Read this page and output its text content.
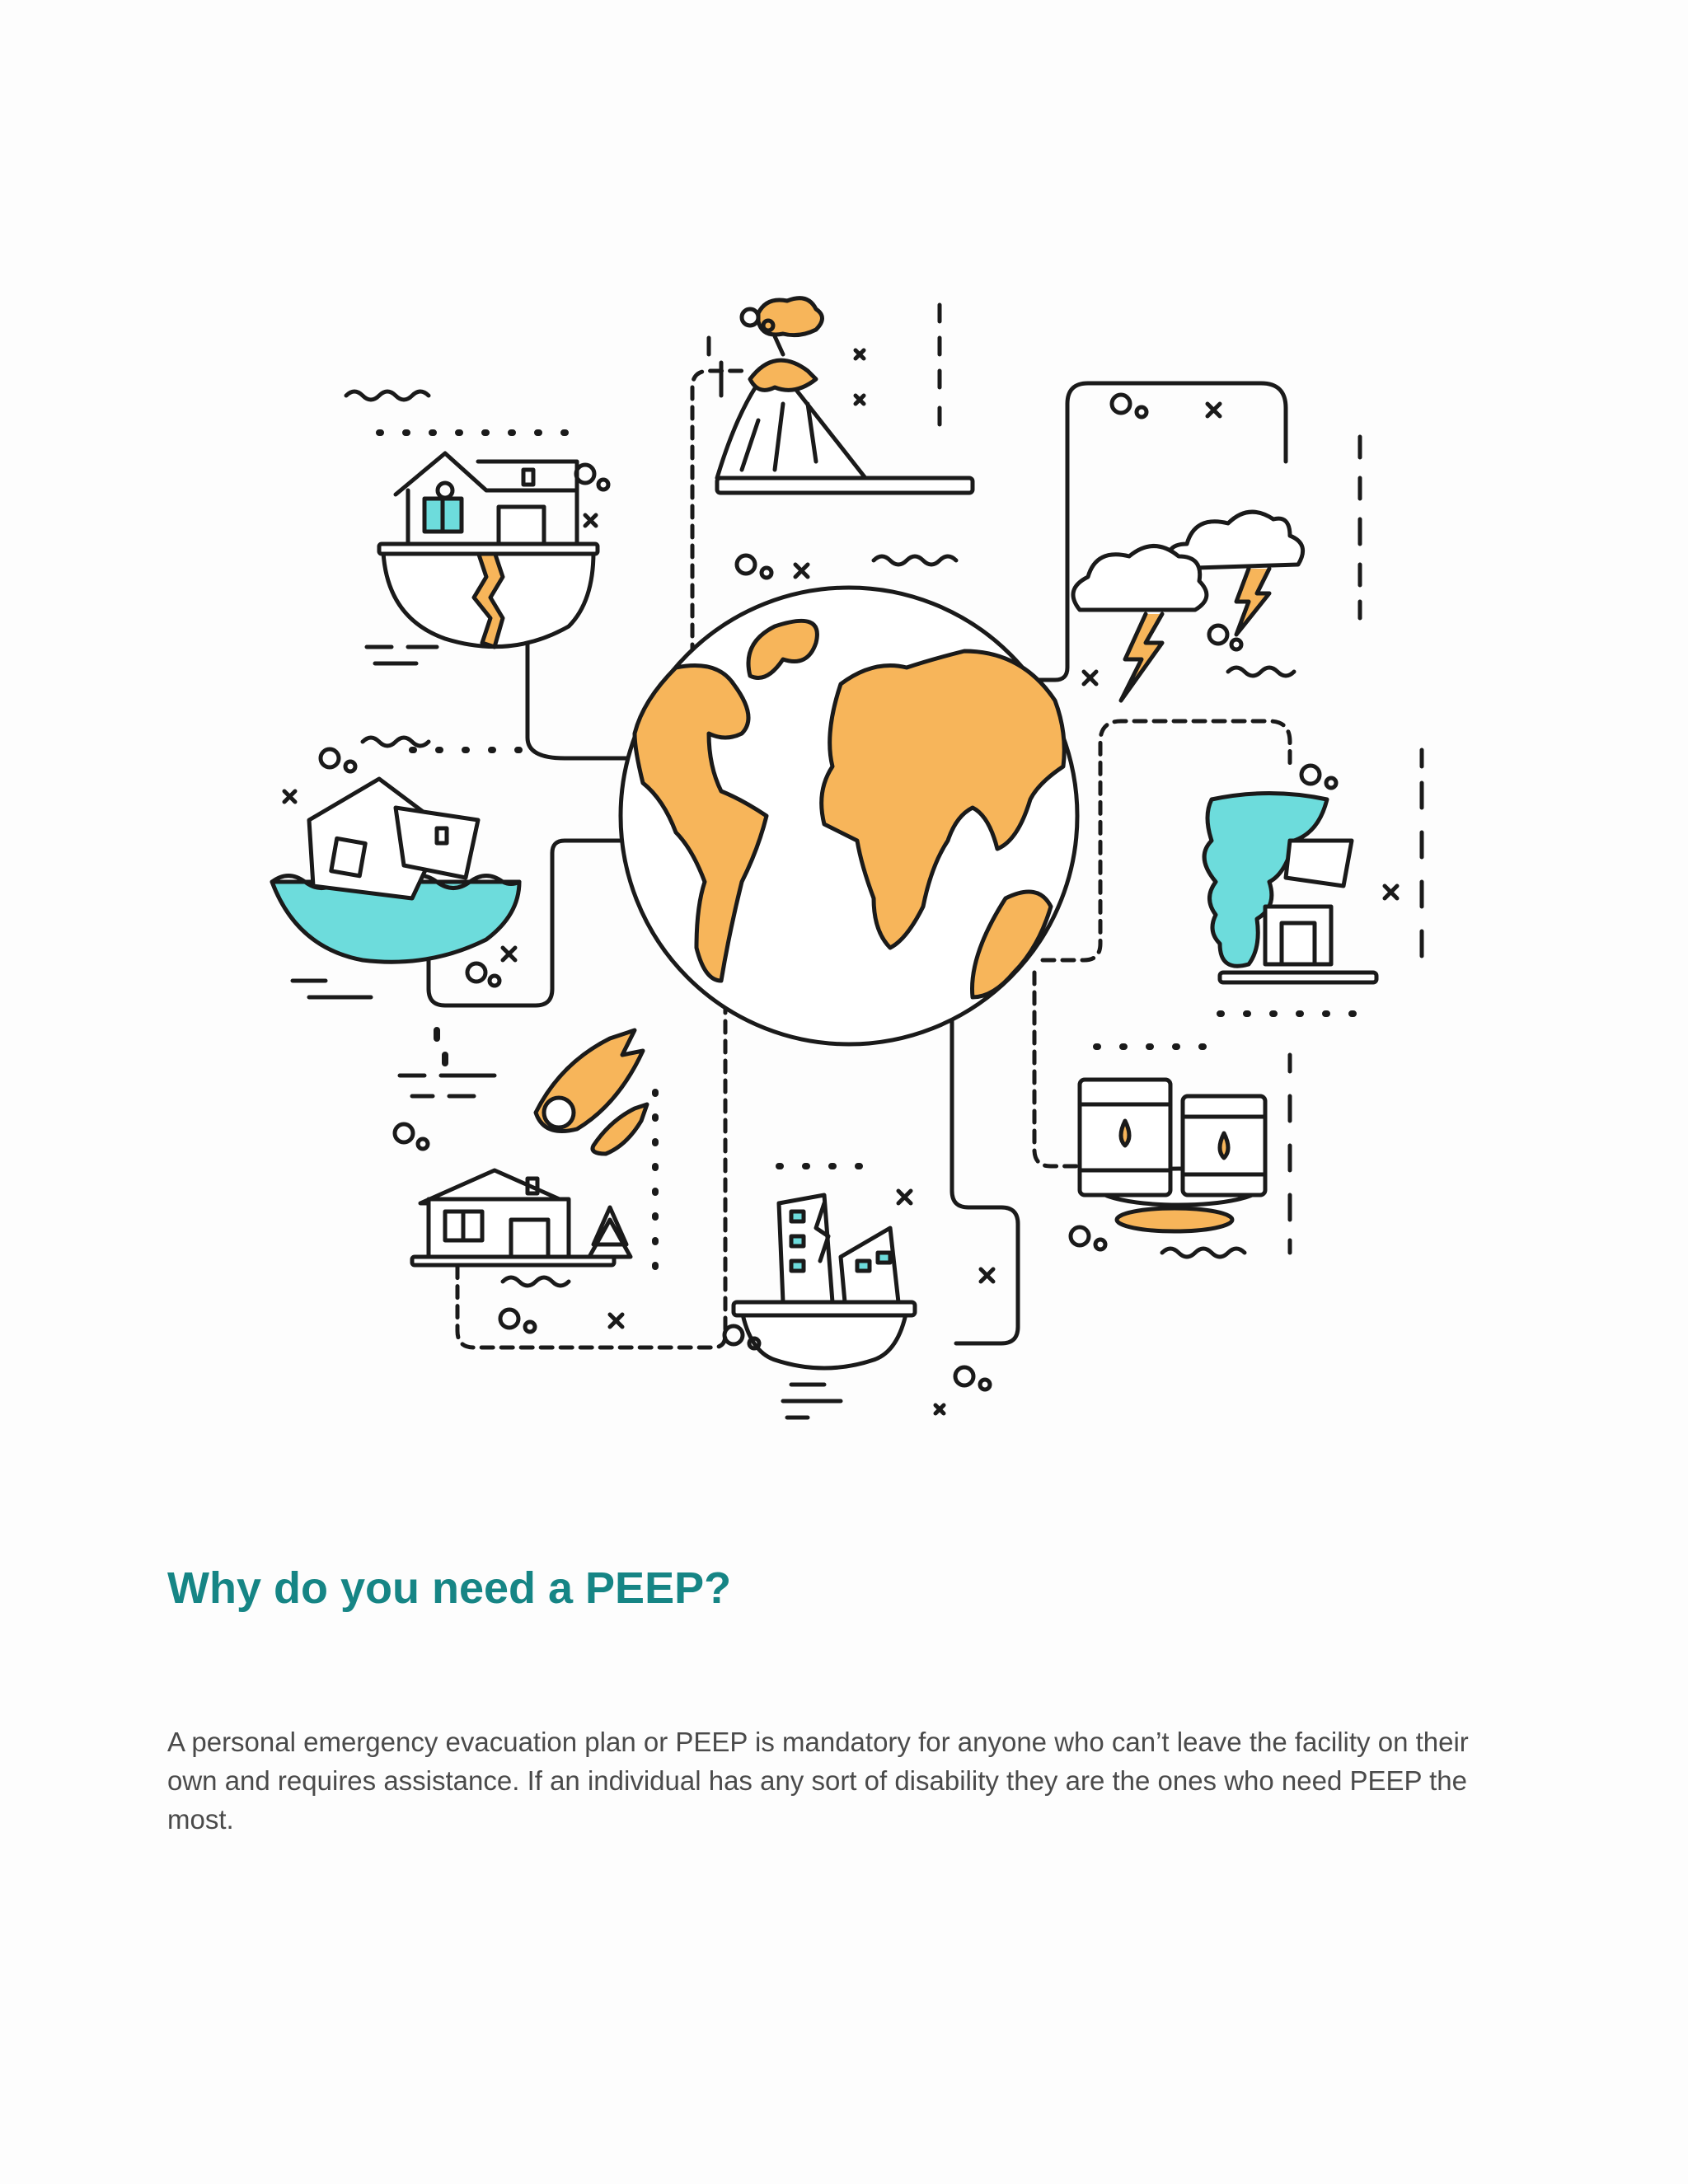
Why do you need a PEEP?

A personal emergency evacuation plan or PEEP is mandatory for anyone who can’t leave the facility on their own and requires assistance. If an individual has any sort of disability they are the ones who need PEEP the most.
